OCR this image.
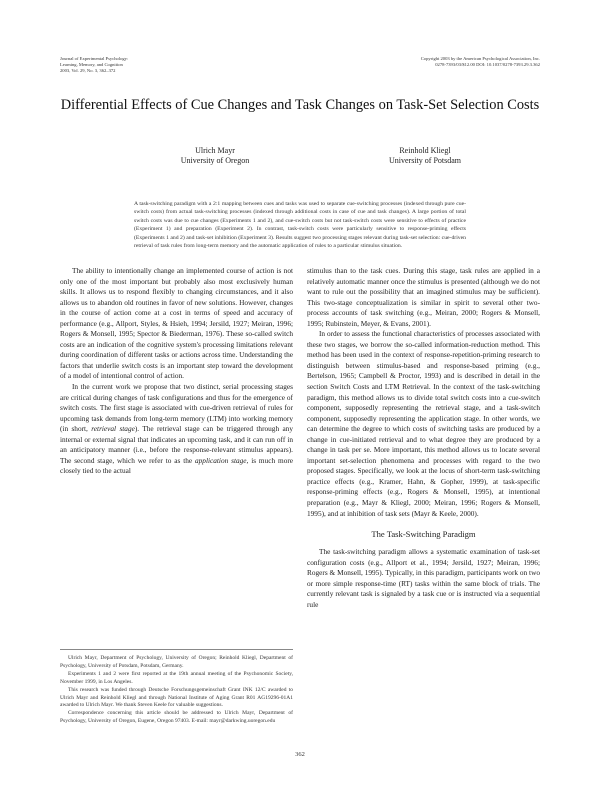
Journal of Experimental Psychology:
Learning, Memory, and Cognition
2003, Vol. 29, No. 3, 362–372
Copyright 2003 by the American Psychological Association, Inc.
0278-7393/03/$12.00 DOI: 10.1037/0278-7393.29.3.362
Differential Effects of Cue Changes and Task Changes on Task-Set Selection Costs
Ulrich Mayr
University of Oregon
Reinhold Kliegl
University of Potsdam
A task-switching paradigm with a 2:1 mapping between cues and tasks was used to separate cue-switching processes (indexed through pure cue-switch costs) from actual task-switching processes (indexed through additional costs in case of cue and task changes). A large portion of total switch costs was due to cue changes (Experiments 1 and 2), and cue-switch costs but not task-switch costs were sensitive to effects of practice (Experiment 1) and preparation (Experiment 2). In contrast, task-switch costs were particularly sensitive to response-priming effects (Experiments 1 and 2) and task-set inhibition (Experiment 3). Results suggest two processing stages relevant during task-set selection: cue-driven retrieval of task rules from long-term memory and the automatic application of rules to a particular stimulus situation.

The ability to intentionally change an implemented course of action is not only one of the most important but probably also most exclusively human skills. It allows us to respond flexibly to changing circumstances, and it also allows us to abandon old routines in favor of new solutions. However, changes in the course of action come at a cost in terms of speed and accuracy of performance (e.g., Allport, Styles, & Hsieh, 1994; Jersild, 1927; Meiran, 1996; Rogers & Monsell, 1995; Spector & Biederman, 1976). These so-called switch costs are an indication of the cognitive system's processing limitations relevant during coordination of different tasks or actions across time. Understanding the factors that underlie switch costs is an important step toward the development of a model of intentional control of action.

In the current work we propose that two distinct, serial processing stages are critical during changes of task configurations and thus for the emergence of switch costs. The first stage is associated with cue-driven retrieval of rules for upcoming task demands from long-term memory (LTM) into working memory (in short, retrieval stage). The retrieval stage can be triggered through any internal or external signal that indicates an upcoming task, and it can run off in an anticipatory manner (i.e., before the response-relevant stimulus appears). The second stage, which we refer to as the application stage, is much more closely tied to the actual

stimulus than to the task cues. During this stage, task rules are applied in a relatively automatic manner once the stimulus is presented (although we do not want to rule out the possibility that an imagined stimulus may be sufficient). This two-stage conceptualization is similar in spirit to several other two-process accounts of task switching (e.g., Meiran, 2000; Rogers & Monsell, 1995; Rubinstein, Meyer, & Evans, 2001).

In order to assess the functional characteristics of processes associated with these two stages, we borrow the so-called information-reduction method. This method has been used in the context of response-repetition-priming research to distinguish between stimulus-based and response-based priming (e.g., Bertelson, 1965; Campbell & Proctor, 1993) and is described in detail in the section Switch Costs and LTM Retrieval. In the context of the task-switching paradigm, this method allows us to divide total switch costs into a cue-switch component, supposedly representing the retrieval stage, and a task-switch component, supposedly representing the application stage. In other words, we can determine the degree to which costs of switching tasks are produced by a change in cue-initiated retrieval and to what degree they are produced by a change in task per se. More important, this method allows us to locate several important set-selection phenomena and processes with regard to the two proposed stages. Specifically, we look at the locus of short-term task-switching practice effects (e.g., Kramer, Hahn, & Gopher, 1999), at task-specific response-priming effects (e.g., Rogers & Monsell, 1995), at intentional preparation (e.g., Mayr & Kliegl, 2000; Meiran, 1996; Rogers & Monsell, 1995), and at inhibition of task sets (Mayr & Keele, 2000).

The Task-Switching Paradigm

The task-switching paradigm allows a systematic examination of task-set configuration costs (e.g., Allport et al., 1994; Jersild, 1927; Meiran, 1996; Rogers & Monsell, 1995). Typically, in this paradigm, participants work on two or more simple response-time (RT) tasks within the same block of trials. The currently relevant task is signaled by a task cue or is instructed via a sequential rule

Ulrich Mayr, Department of Psychology, University of Oregon; Reinhold Kliegl, Department of Psychology, University of Potsdam, Potsdam, Germany.

Experiments 1 and 2 were first reported at the 19th annual meeting of the Psychonomic Society, November 1999, in Los Angeles.

This research was funded through Deutsche Forschungsgemeinschaft Grant INK 12/C awarded to Ulrich Mayr and Reinhold Kliegl and through National Institute of Aging Grant R01 AG19296-01A1 awarded to Ulrich Mayr. We thank Steven Keele for valuable suggestions.

Correspondence concerning this article should be addressed to Ulrich Mayr, Department of Psychology, University of Oregon, Eugene, Oregon 97403. E-mail: mayr@darkwing.uoregon.edu

362
